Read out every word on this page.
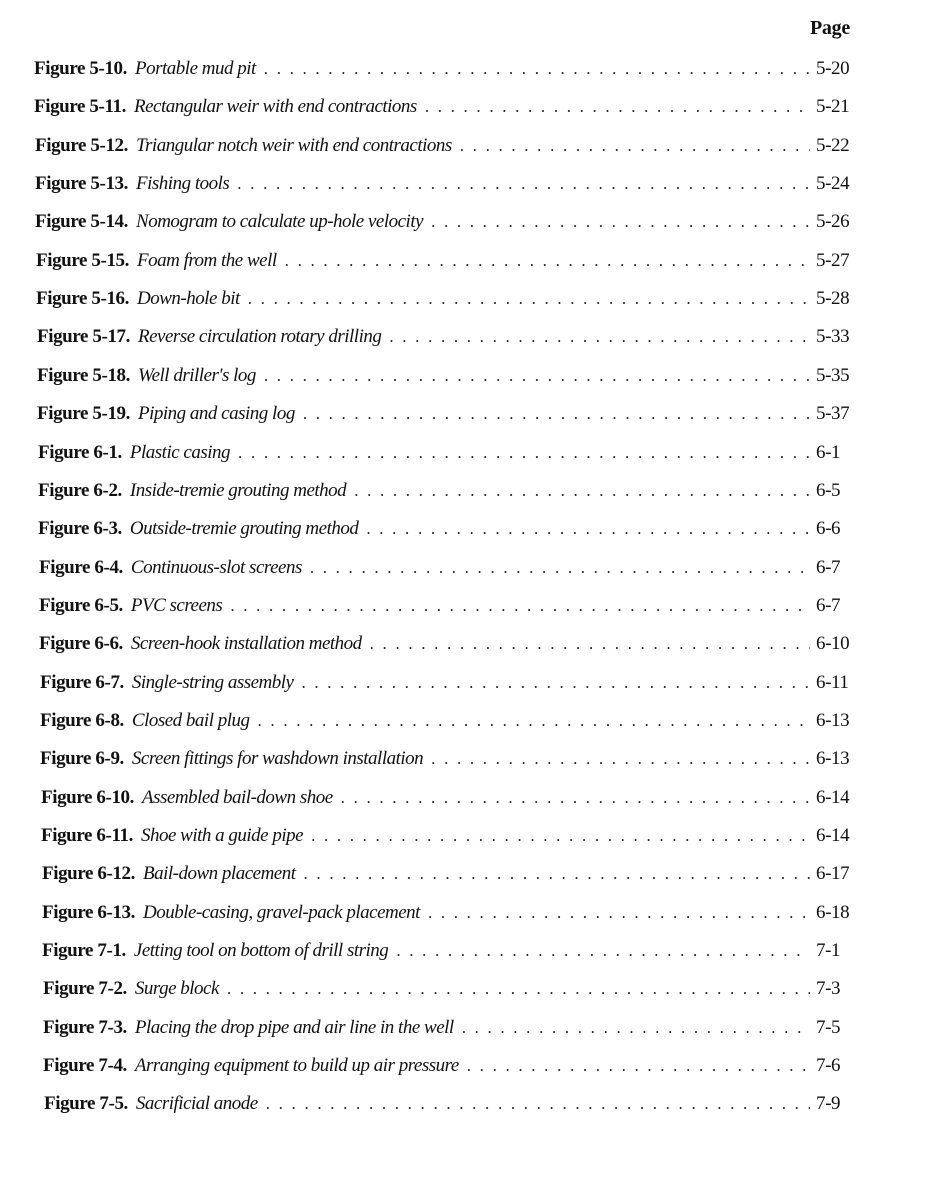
Page
Figure 5-10. Portable mud pit . . .	5-20
Figure 5-11. Rectangular weir with end contractions . . .	5-21
Figure 5-12. Triangular notch weir with end contractions . . .	5-22
Figure 5-13. Fishing tools . . .	5-24
Figure 5-14. Nomogram to calculate up-hole velocity . . .	5-26
Figure 5-15. Foam from the well . . .	5-27
Figure 5-16. Down-hole bit . . .	5-28
Figure 5-17. Reverse circulation rotary drilling . . .	5-33
Figure 5-18. Well driller's log . . .	5-35
Figure 5-19. Piping and casing log . . .	5-37
Figure 6-1. Plastic casing . . .	6-1
Figure 6-2. Inside-tremie grouting method . . .	6-5
Figure 6-3. Outside-tremie grouting method . . .	6-6
Figure 6-4. Continuous-slot screens . . .	6-7
Figure 6-5. PVC screens . . .	6-7
Figure 6-6. Screen-hook installation method . . .	6-10
Figure 6-7. Single-string assembly . . .	6-11
Figure 6-8. Closed bail plug . . .	6-13
Figure 6-9. Screen fittings for washdown installation . . .	6-13
Figure 6-10. Assembled bail-down shoe . . .	6-14
Figure 6-11. Shoe with a guide pipe . . .	6-14
Figure 6-12. Bail-down placement . . .	6-17
Figure 6-13. Double-casing, gravel-pack placement . . .	6-18
Figure 7-1. Jetting tool on bottom of drill string . . .	7-1
Figure 7-2. Surge block . . .	7-3
Figure 7-3. Placing the drop pipe and air line in the well . . .	7-5
Figure 7-4. Arranging equipment to build up air pressure . . .	7-6
Figure 7-5. Sacrificial anode . . .	7-9
